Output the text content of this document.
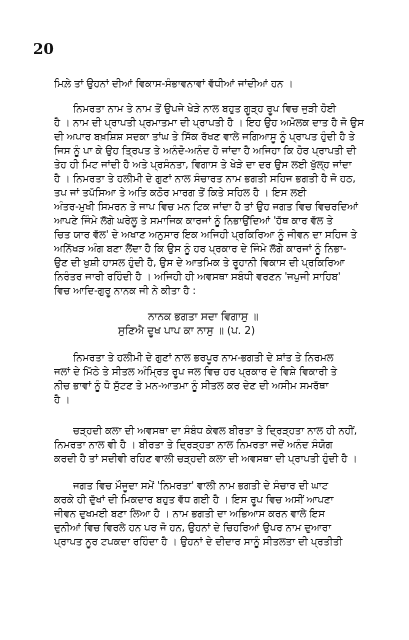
20
ਮਿਲ਼ੇ ਤਾਂ ਉਹਨਾਂ ਦੀਆਂ ਵਿਕਾਸ-ਸੰਭਾਵਨਾਵਾਂ ਵੱਧੀਆਂ ਜਾਂਦੀਆਂ ਹਨ ।
ਨਿਮਰਤਾ ਨਾਮ ਤੇ ਨਾਮ ਤੋਂ ਉਪਜੇ ਖੇੜੇ ਨਾਲ ਬਹੁਤ ਗੂੜ੍ਹ ਰੂਪ ਵਿਚ ਜੁੜੀ ਹੋਈ
ਹੈ । ਨਾਮ ਦੀ ਪ੍ਰਾਪਤੀ ਪ੍ਰਮਾਤਮਾ ਦੀ ਪ੍ਰਾਪਤੀ ਹੈ । ਇਹ ਉਹ ਅਮੋਲਕ ਦਾਤ ਹੈ ਜੋ ਉਸ
ਦੀ ਅਪਾਰ ਬਖ਼ਸ਼ਿਸ਼ ਸਦਕਾ ਤਾਂਘ ਤੇ ਸਿੱਕ ਰੱਖਣ ਵਾਲੇ ਜਗਿਆਸੂ ਨੂੰ ਪ੍ਰਾਪਤ ਹੁੰਦੀ ਹੈ ਤੇ
ਜਿਸ ਨੂੰ ਪਾ ਕੇ ਉਹ ਤ੍ਰਿਪਤ ਤੇ ਅਨੰਦੋ-ਅਨੰਦ ਹੋ ਜਾਂਦਾ ਹੈ ਅਜਿਹਾ ਕਿ ਹੋਰ ਪ੍ਰਾਪਤੀ ਦੀ
ਤੇਹ ਹੀ ਮਿਟ ਜਾਂਦੀ ਹੈ ਅਤੇ ਪ੍ਰਸੰਨਤਾ, ਵਿਗਾਸ ਤੇ ਖੇੜੇ ਦਾ ਦਰ ਉਸ ਲਈ ਖੁੱਲ੍ਹ ਜਾਂਦਾ
ਹੈ । ਨਿਮਰਤਾ ਤੇ ਹਲੀਮੀ ਦੇ ਗੁਣਾਂ ਨਾਲ ਸੰਚਾਰਤ ਨਾਮ ਭਗਤੀ ਸਹਿਜ ਭਗਤੀ ਹੈ ਜੋ ਹਠ,
ਤਪ ਜਾਂ ਤਪੱਸਿਆ ਤੇ ਅਤਿ ਕਠੋਰ ਮਾਰਗ ਤੋਂ ਕਿਤੇ ਸਹਿਲ ਹੈ । ਇਸ ਲਈ
ਅੰਤਰ-ਮੁਖੀ ਸਿਮਰਨ ਤੇ ਜਾਪ ਵਿਚ ਮਨ ਟਿਕ ਜਾਂਦਾ ਹੈ ਤਾਂ ਉਹ ਜਗਤ ਵਿਚ ਵਿਚਰਦਿਆਂ
ਆਪਣੇ ਜਿੰਮੇ ਲੱਗੇ ਘਰੇਲੂ ਤੇ ਸਮਾਜਿਕ ਕਾਰਜਾਂ ਨੂੰ ਨਿਭਾਉਂਦਿਆਂ 'ਹੱਥ ਕਾਰ ਵੱਲ ਤੇ
ਚਿਤ ਯਾਰ ਵੱਲ' ਦੇ ਅਖਾਣ ਅਨੁਸਾਰ ਇਕ ਅਜਿਹੀ ਪ੍ਰਕਿਰਿਆ ਨੂੰ ਜੀਵਨ ਦਾ ਸਹਿਜ ਤੇ
ਅਨਿੱਖੜ ਅੰਗ ਬਣਾ ਲੈਂਦਾ ਹੈ ਕਿ ਉਸ ਨੂੰ ਹਰ ਪ੍ਰਕਾਰ ਦੇ ਜਿੰਮੇ ਲੱਗੇ ਕਾਰਜਾਂ ਨੂੰ ਨਿਭਾ-
ਉਣ ਦੀ ਖੁਸ਼ੀ ਹਾਸਲ ਹੁੰਦੀ ਹੈ, ਉਸ ਦੇ ਆਤਮਿਕ ਤੇ ਰੂਹਾਨੀ ਵਿਕਾਸ ਦੀ ਪ੍ਰਕਿਰਿਆ
ਨਿਰੰਤਰ ਜਾਰੀ ਰਹਿੰਦੀ ਹੈ । ਅਜਿਹੀ ਹੀ ਅਵਸਥਾ ਸਬੰਧੀ ਵਰਣਨ 'ਜਪੁਜੀ ਸਾਹਿਬ'
ਵਿਚ ਆਦਿ-ਗੁਰੂ ਨਾਨਕ ਜੀ ਨੇ ਕੀਤਾ ਹੈ :
ਨਾਨਕ ਭਗਤਾ ਸਦਾ ਵਿਗਾਸੁ ॥
ਸੁਣਿਐ ਦੂਖ ਪਾਪ ਕਾ ਨਾਸੁ ॥ (ਪ. 2)
ਨਿਮਰਤਾ ਤੇ ਹਲੀਮੀ ਦੇ ਗੁਣਾਂ ਨਾਲ ਭਰਪੂਰ ਨਾਮ-ਭਗਤੀ ਦੇ ਸ਼ਾਂਤ ਤੇ ਨਿਰਮਲ
ਜਲਾਂ ਦੇ ਮਿੱਠੇ ਤੇ ਸੀਤਲ ਅੰਮ੍ਰਿਤ ਰੂਪ ਜਲ ਵਿਚ ਹਰ ਪ੍ਰਕਾਰ ਦੇ ਵਿਸ਼ੇ ਵਿਕਾਰੀ ਤੇ
ਨੀਚ ਭਾਵਾਂ ਨੂੰ ਧੋ ਸੁੱਟਣ ਤੇ ਮਨ-ਆਤਮਾ ਨੂੰ ਸੀਤਲ ਕਰ ਦੇਣ ਦੀ ਅਸੀਮ ਸਮਰੱਥਾ
ਹੈ ।
ਚੜ੍ਹਦੀ ਕਲਾ ਦੀ ਅਵਸਥਾ ਦਾ ਸੰਬੰਧ ਕੇਵਲ ਬੀਰਤਾ ਤੇ ਦ੍ਰਿੜ੍ਹਤਾ ਨਾਲ ਹੀ ਨਹੀਂ,
ਨਿਮਰਤਾ ਨਾਲ ਵੀ ਹੈ । ਬੀਰਤਾ ਤੇ ਦ੍ਰਿੜ੍ਹਤਾ ਨਾਲ ਨਿਮਰਤਾ ਜਦੋਂ ਅਨੰਦ ਸੰਯੋਗ
ਕਰਦੀ ਹੈ ਤਾਂ ਸਦੀਵੀ ਰਹਿਣ ਵਾਲੀ ਚੜ੍ਹਦੀ ਕਲਾ ਦੀ ਅਵਸਥਾ ਦੀ ਪ੍ਰਾਪਤੀ ਹੁੰਦੀ ਹੈ ।
ਜਗਤ ਵਿਚ ਮੌਜੂਦਾ ਸਮੇਂ 'ਨਿਮਰਤਾ' ਵਾਲੀ ਨਾਮ ਭਗਤੀ ਦੇ ਸੰਚਾਰ ਦੀ ਘਾਟ
ਕਰਕੇ ਹੀ ਦੁੱਖਾਂ ਦੀ ਮਿਕਦਾਰ ਬਹੁਤ ਵੱਧ ਗਈ ਹੈ । ਇਸ ਰੂਪ ਵਿਚ ਅਸੀਂ ਆਪਣਾ
ਜੀਵਨ ਦੁਖਮਈ ਬਣਾ ਲਿਆ ਹੈ । ਨਾਮ ਭਗਤੀ ਦਾ ਅਭਿਆਸ ਕਰਨ ਵਾਲੇ ਇਸ
ਦੁਨੀਆਂ ਵਿਚ ਵਿਰਲੇ ਹਨ ਪਰ ਜੋ ਹਨ, ਉਹਨਾਂ ਦੇ ਚਿਹਰਿਆਂ ਉਪਰ ਨਾਮ ਦੁਆਰਾ
ਪ੍ਰਾਪਤ ਨੂਰ ਟਪਕਦਾ ਰਹਿੰਦਾ ਹੈ । ਉਹਨਾਂ ਦੇ ਦੀਦਾਰ ਸਾਨੂੰ ਸੀਤਲਤਾ ਦੀ ਪ੍ਰਤੀਤੀ
